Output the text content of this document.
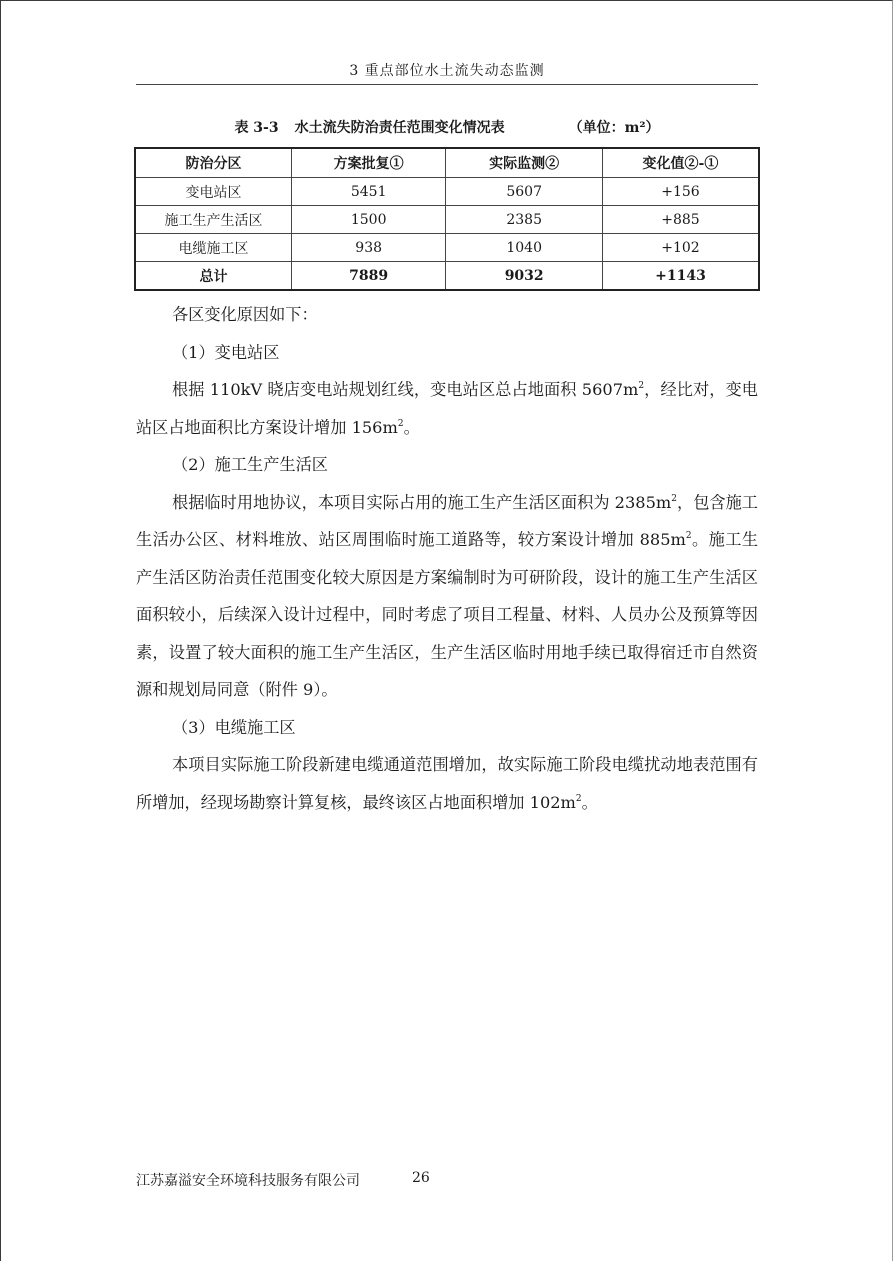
3 重点部位水土流失动态监测
表 3-3 水土流失防治责任范围变化情况表	（单位：m²）
防治分区	方案批复①	实际监测②	变化值②-①
变电站区	5451	5607	+156
施工生产生活区	1500	2385	+885
电缆施工区	938	1040	+102
总计	7889	9032	+1143

各区变化原因如下：

（1）变电站区

根据 110kV 晓店变电站规划红线，变电站区总占地面积 $5607m^2$，经比对，变电站区占地面积比方案设计增加 $156m^2$。

（2）施工生产生活区

根据临时用地协议，本项目实际占用的施工生产生活区面积为 $2385m^2$，包含施工生活办公区、材料堆放、站区周围临时施工道路等，较方案设计增加 $885m^2$。施工生产生活区防治责任范围变化较大原因是方案编制时为可研阶段，设计的施工生产生活区面积较小，后续深入设计过程中，同时考虑了项目工程量、材料、人员办公及预算等因素，设置了较大面积的施工生产生活区，生产生活区临时用地手续已取得宿迁市自然资源和规划局同意（附件 9）。

（3）电缆施工区

本项目实际施工阶段新建电缆通道范围增加，故实际施工阶段电缆扰动地表范围有所增加，经现场勘察计算复核，最终该区占地面积增加 $102m^2$。

江苏嘉溢安全环境科技服务有限公司	26
